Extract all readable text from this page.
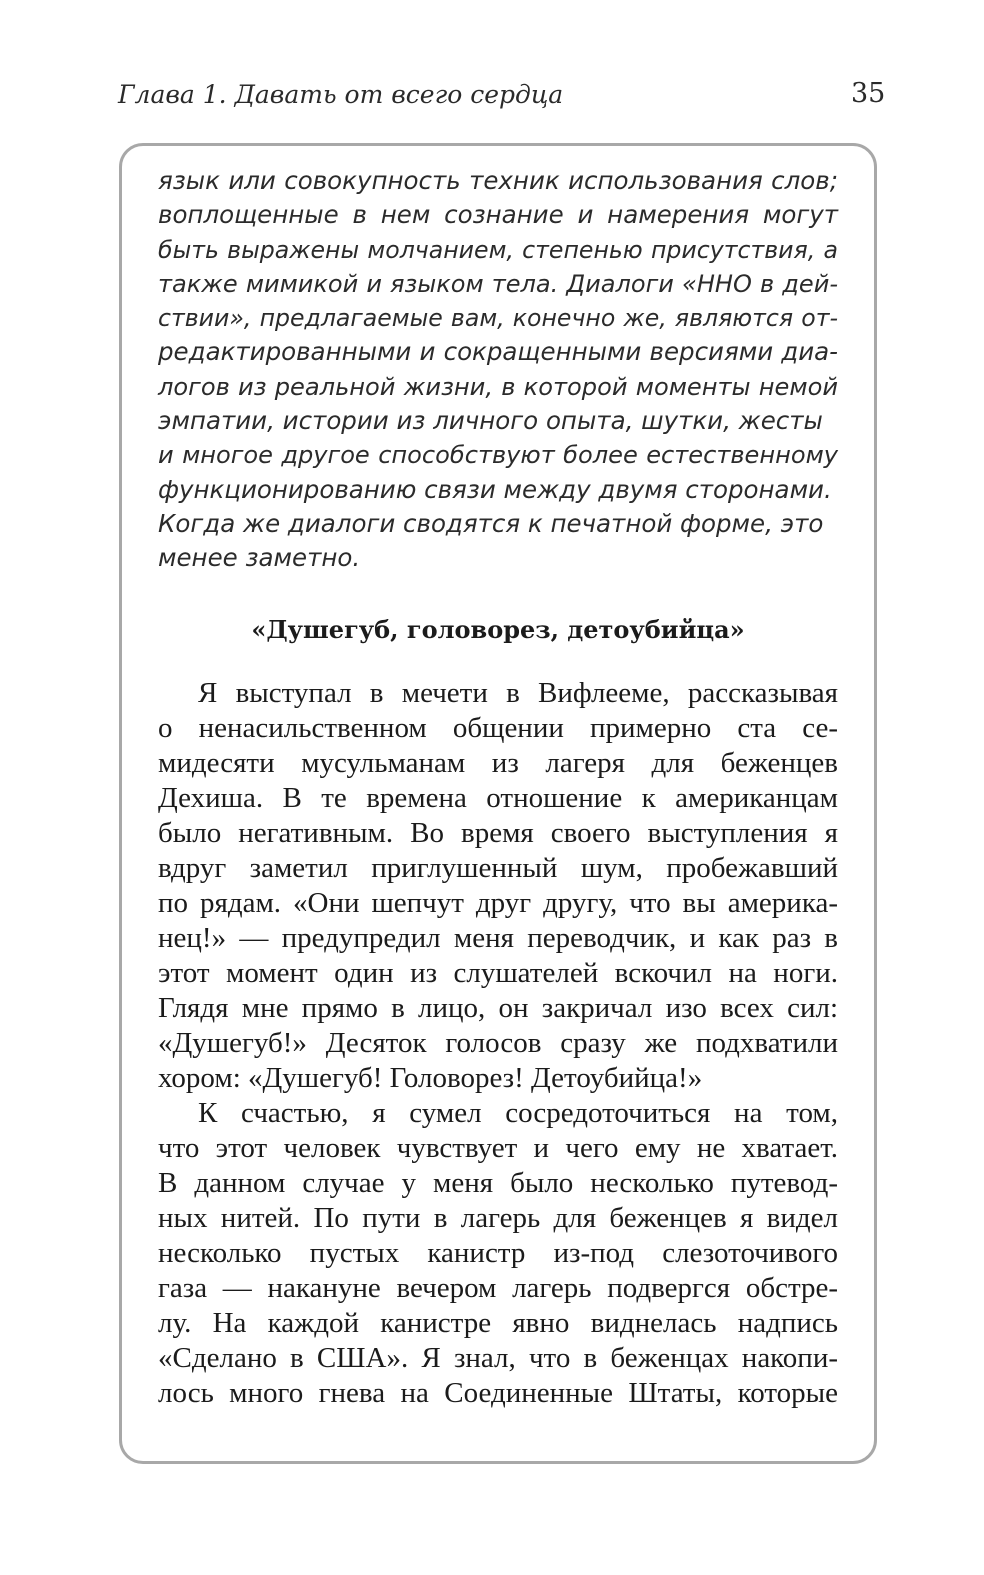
Глава 1. Давать от всего сердца	35
язык или совокупность техник использования слов;
воплощенные в нем сознание и намерения могут
быть выражены молчанием, степенью присутствия, а
также мимикой и языком тела. Диалоги «ННО в дей-
ствии», предлагаемые вам, конечно же, являются от-
редактированными и сокращенными версиями диа-
логов из реальной жизни, в которой моменты немой
эмпатии, истории из личного опыта, шутки, жесты
и многое другое способствуют более естественному
функционированию связи между двумя сторонами.
Когда же диалоги сводятся к печатной форме, это
менее заметно.
«Душегуб, головорез, детоубийца»
Я выступал в мечети в Вифлееме, рассказывая
о ненасильственном общении примерно ста се-
мидесяти мусульманам из лагеря для беженцев
Дехиша. В те времена отношение к американцам
было негативным. Во время своего выступления я
вдруг заметил приглушенный шум, пробежавший
по рядам. «Они шепчут друг другу, что вы америка-
нец!» — предупредил меня переводчик, и как раз в
этот момент один из слушателей вскочил на ноги.
Глядя мне прямо в лицо, он закричал изо всех сил:
«Душегуб!» Десяток голосов сразу же подхватили
хором: «Душегуб! Головорез! Детоубийца!»
К счастью, я сумел сосредоточиться на том,
что этот человек чувствует и чего ему не хватает.
В данном случае у меня было несколько путевод-
ных нитей. По пути в лагерь для беженцев я видел
несколько пустых канистр из-под слезоточивого
газа — накануне вечером лагерь подвергся обстре-
лу. На каждой канистре явно виднелась надпись
«Сделано в США». Я знал, что в беженцах накопи-
лось много гнева на Соединенные Штаты, которые
